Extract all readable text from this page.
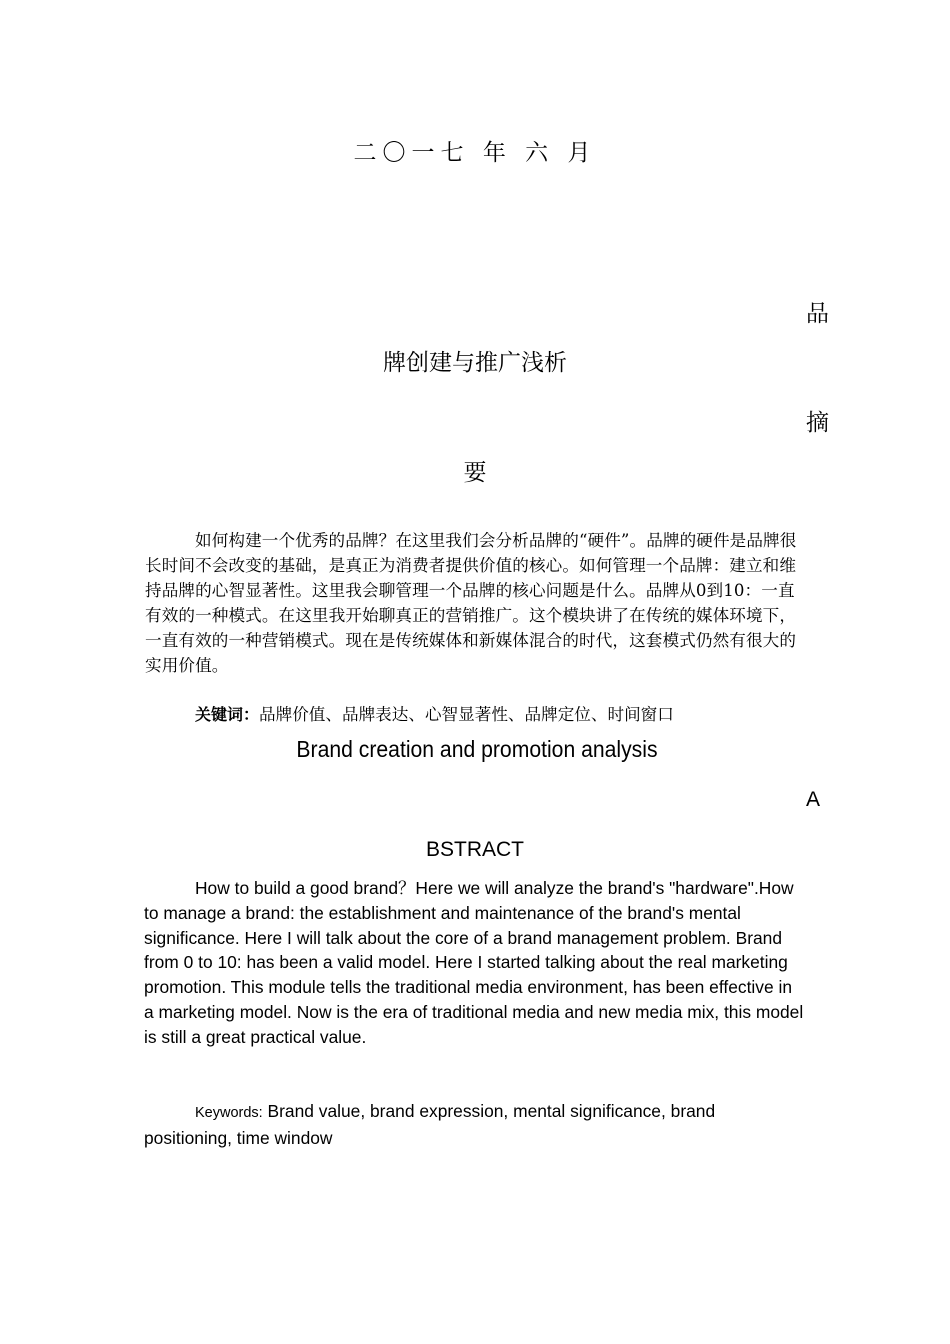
二〇一七 年 六 月
品
牌创建与推广浅析
摘
要

如何构建一个优秀的品牌？在这里我们会分析品牌的“硬件”。品牌的硬件是品牌很长时间不会改变的基础，是真正为消费者提供价值的核心。如何管理一个品牌：建立和维持品牌的心智显著性。这里我会聊管理一个品牌的核心问题是什么。品牌从0到10：一直有效的一种模式。在这里我开始聊真正的营销推广。这个模块讲了在传统的媒体环境下，一直有效的一种营销模式。现在是传统媒体和新媒体混合的时代，这套模式仍然有很大的实用价值。

关键词：品牌价值、品牌表达、心智显著性、品牌定位、时间窗口
Brand creation and promotion analysis
A
BSTRACT

How to build a good brand？Here we will analyze the brand's "hardware".How to manage a brand: the establishment and maintenance of the brand's mental significance. Here I will talk about the core of a brand management problem. Brand from 0 to 10: has been a valid model. Here I started talking about the real marketing promotion. This module tells the traditional media environment, has been effective in a marketing model. Now is the era of traditional media and new media mix, this model is still a great practical value.

Keywords: Brand value, brand expression, mental significance, brand positioning, time window
